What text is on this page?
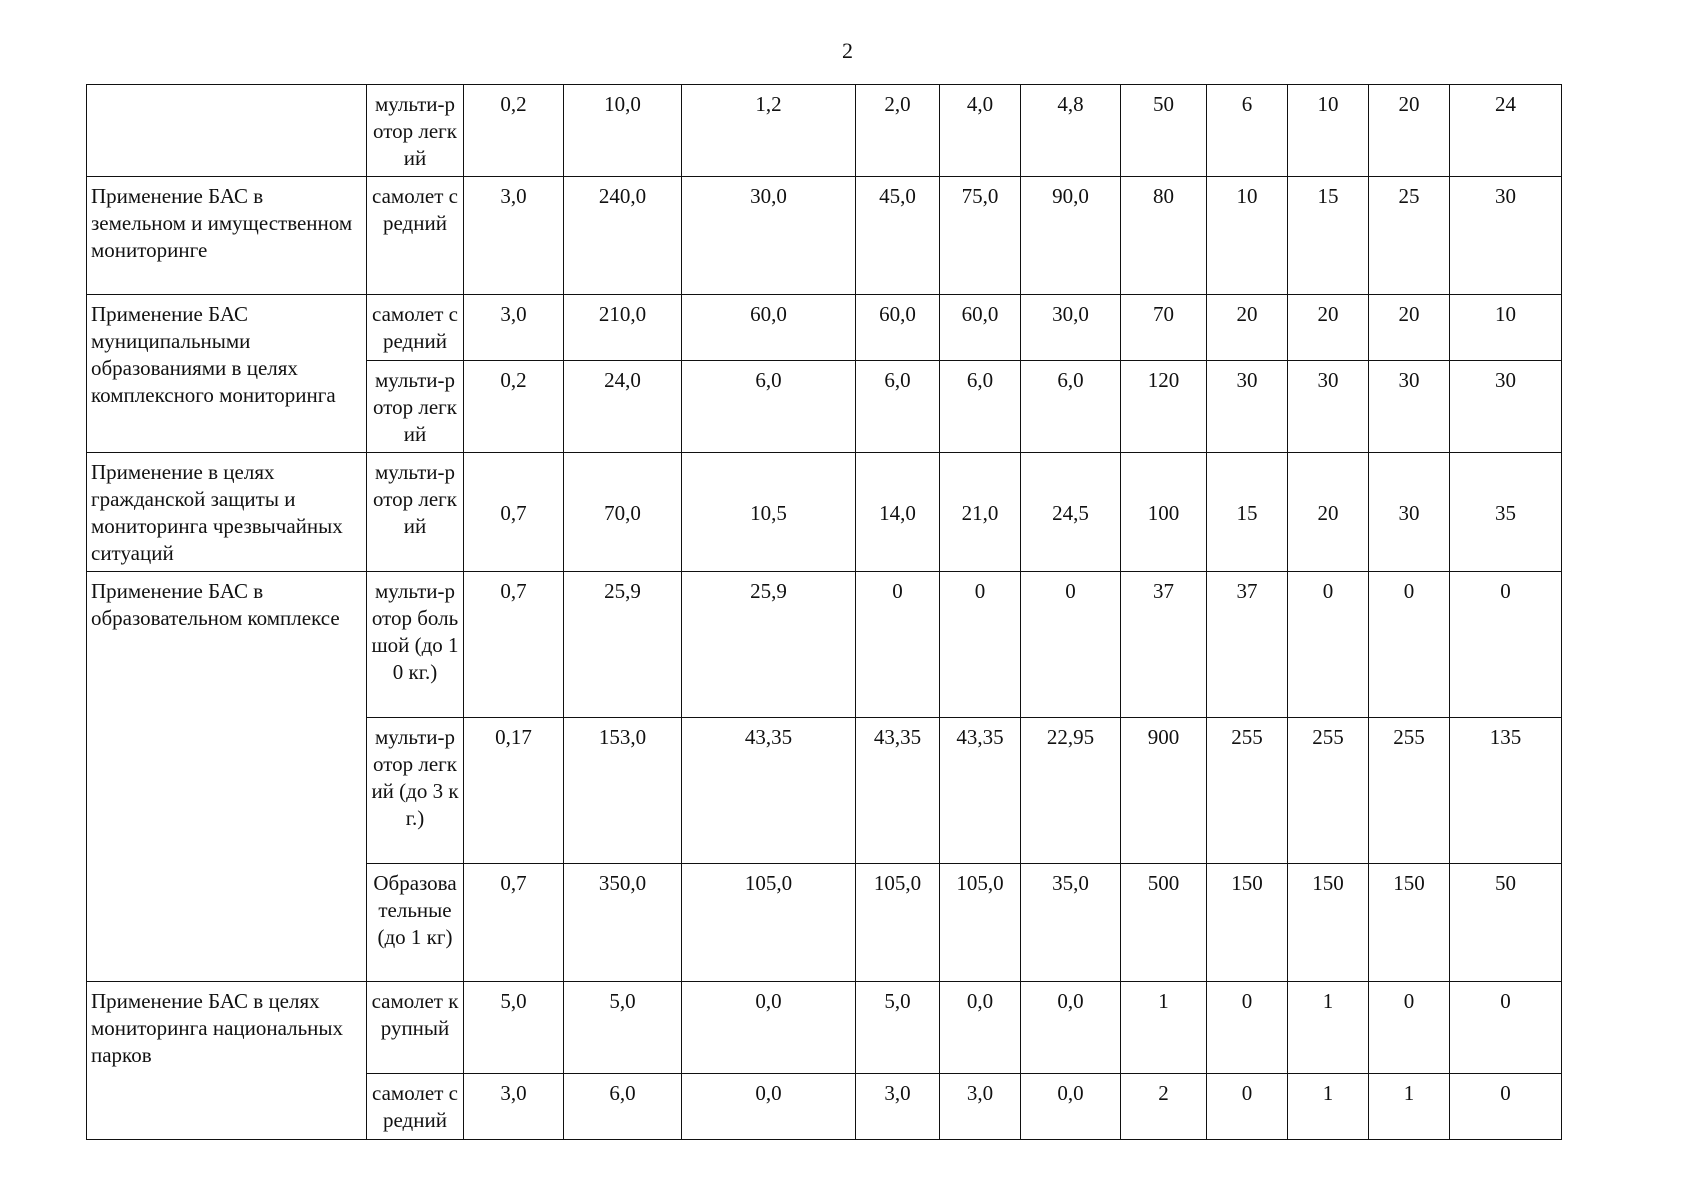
2
	мульти-ротор легкий	0,2	10,0	1,2	2,0	4,0	4,8	50	6	10	20	24
Применение БАС в земельном и имущественном мониторинге	самолет средний	3,0	240,0	30,0	45,0	75,0	90,0	80	10	15	25	30
Применение БАС муниципальными образованиями в целях комплексного мониторинга	самолет средний	3,0	210,0	60,0	60,0	60,0	30,0	70	20	20	20	10
	мульти-ротор легкий	0,2	24,0	6,0	6,0	6,0	6,0	120	30	30	30	30
Применение в целях гражданской защиты и мониторинга чрезвычайных ситуаций	мульти-ротор легкий	0,7	70,0	10,5	14,0	21,0	24,5	100	15	20	30	35
Применение БАС в образовательном комплексе	мульти-ротор большой (до 10 кг.)	0,7	25,9	25,9	0	0	0	37	37	0	0	0
	мульти-ротор легкий (до 3 кг.)	0,17	153,0	43,35	43,35	43,35	22,95	900	255	255	255	135
	Образовательные (до 1 кг)	0,7	350,0	105,0	105,0	105,0	35,0	500	150	150	150	50
Применение БАС в целях мониторинга национальных парков	самолет крупный	5,0	5,0	0,0	5,0	0,0	0,0	1	0	1	0	0
	самолет средний	3,0	6,0	0,0	3,0	3,0	0,0	2	0	1	1	0
